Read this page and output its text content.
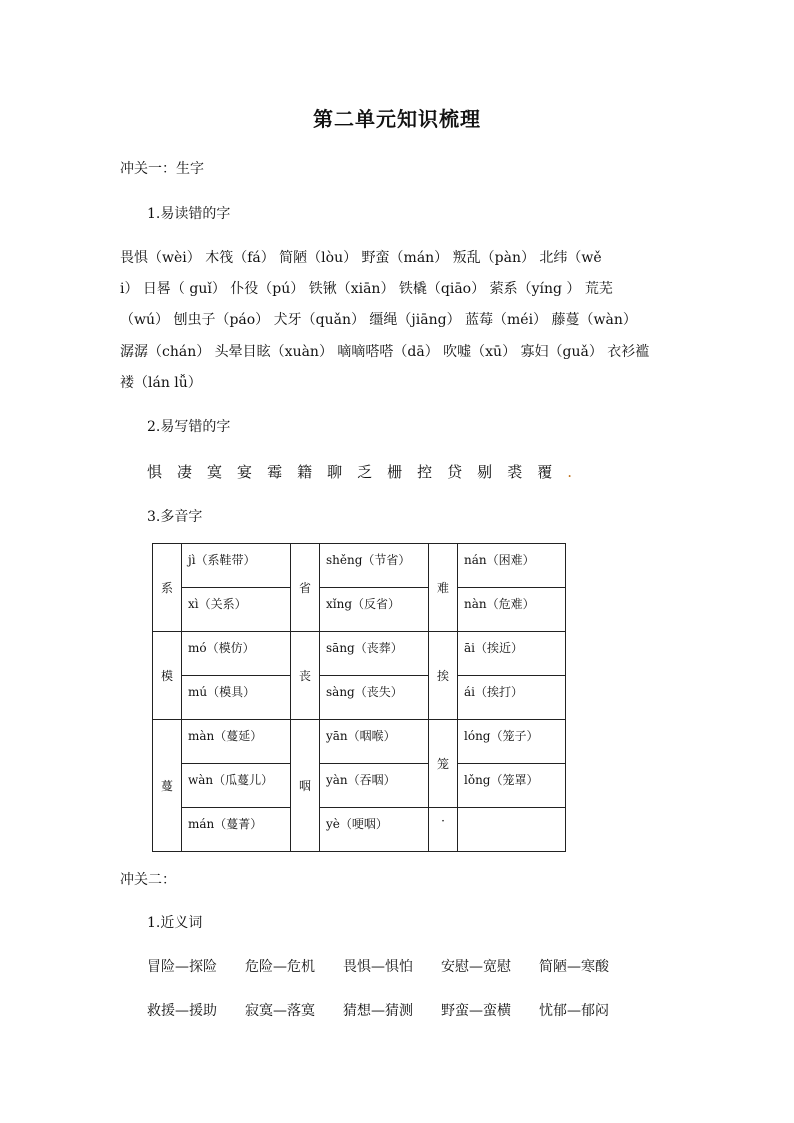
第二单元知识梳理
冲关一：生字
1.易读错的字
畏惧（wèi） 木筏（fá） 简陋（lòu） 野蛮（mán） 叛乱（pàn） 北纬（wě
i） 日晷（ guǐ） 仆役（pú） 铁锹（xiān） 铁橇（qiāo） 萦系（yíng ） 荒芜
（wú） 刨虫子（páo） 犬牙（quǎn） 缰绳（jiāng） 蓝莓（méi） 藤蔓（wàn）
潺潺（chán） 头晕目眩（xuàn） 嘀嘀嗒嗒（dā） 吹嘘（xū） 寡妇（guǎ） 衣衫褴
褛（lán lǚ）
2.易写错的字
惧 凄 寞 宴 霉 籍 聊 乏 栅 控 贷 剔 裘 覆 .
3.多音字
系	jì（系鞋带）	省	shěng（节省）	难	nán（困难）
	xì（关系）		xǐng（反省）		nàn（危难）
模	mó（模仿）	丧	sāng（丧葬）	挨	āi（挨近）
	mú（模具）		sàng（丧失）		ái（挨打）
蔓	màn（蔓延）	咽	yān（咽喉）	笼	lóng（笼子）
	wàn（瓜蔓儿）		yàn（吞咽）		lǒng（笼罩）
	mán（蔓菁）		yè（哽咽）	·	
冲关二：
1.近义词
冒险—探险 危险—危机 畏惧—惧怕 安慰—宽慰 简陋—寒酸
救援—援助 寂寞—落寞 猜想—猜测 野蛮—蛮横 忧郁—郁闷
